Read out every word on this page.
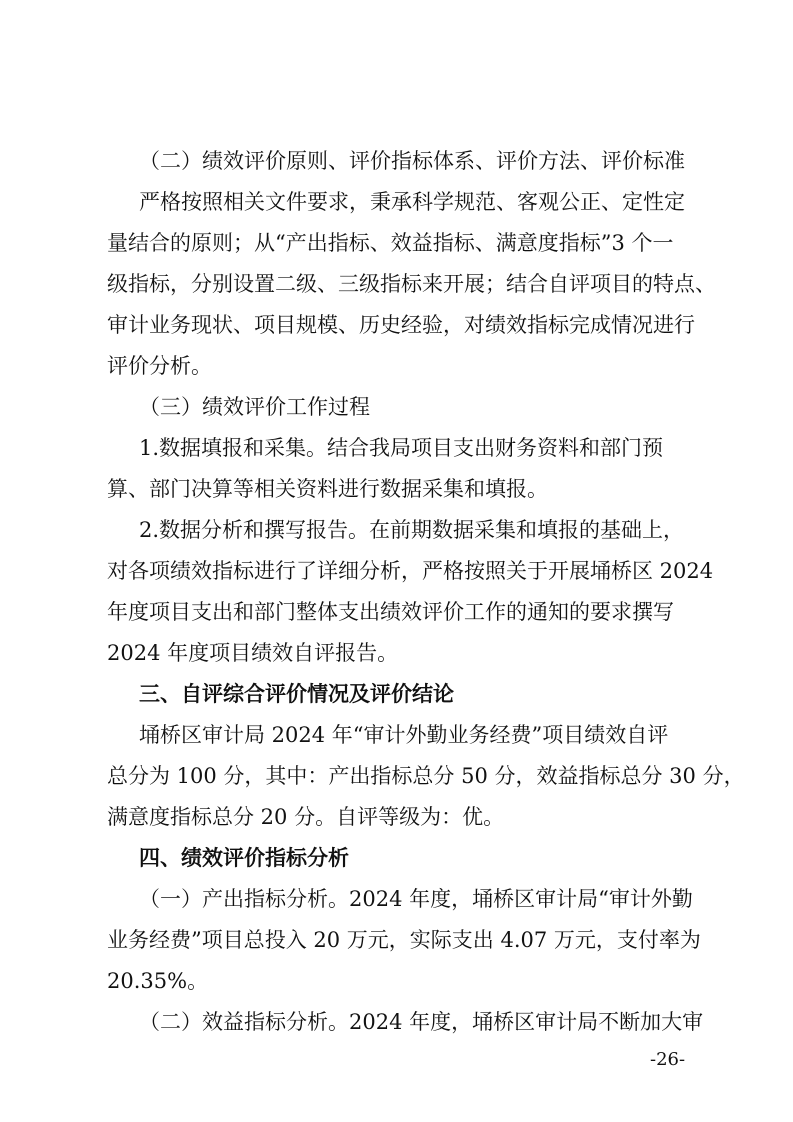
（二）绩效评价原则、评价指标体系、评价方法、评价标准
严格按照相关文件要求，秉承科学规范、客观公正、定性定
量结合的原则；从“产出指标、效益指标、满意度指标”3 个一
级指标，分别设置二级、三级指标来开展；结合自评项目的特点、
审计业务现状、项目规模、历史经验，对绩效指标完成情况进行
评价分析。
（三）绩效评价工作过程
1.数据填报和采集。结合我局项目支出财务资料和部门预
算、部门决算等相关资料进行数据采集和填报。
2.数据分析和撰写报告。在前期数据采集和填报的基础上，
对各项绩效指标进行了详细分析，严格按照关于开展埇桥区 2024
年度项目支出和部门整体支出绩效评价工作的通知的要求撰写
2024 年度项目绩效自评报告。
三、自评综合评价情况及评价结论
埇桥区审计局 2024 年“审计外勤业务经费”项目绩效自评
总分为 100 分，其中：产出指标总分 50 分，效益指标总分 30 分，
满意度指标总分 20 分。自评等级为：优。
四、绩效评价指标分析
（一）产出指标分析。2024 年度，埇桥区审计局“审计外勤
业务经费”项目总投入 20 万元，实际支出 4.07 万元，支付率为
20.35%。
（二）效益指标分析。2024 年度，埇桥区审计局不断加大审
-26-
